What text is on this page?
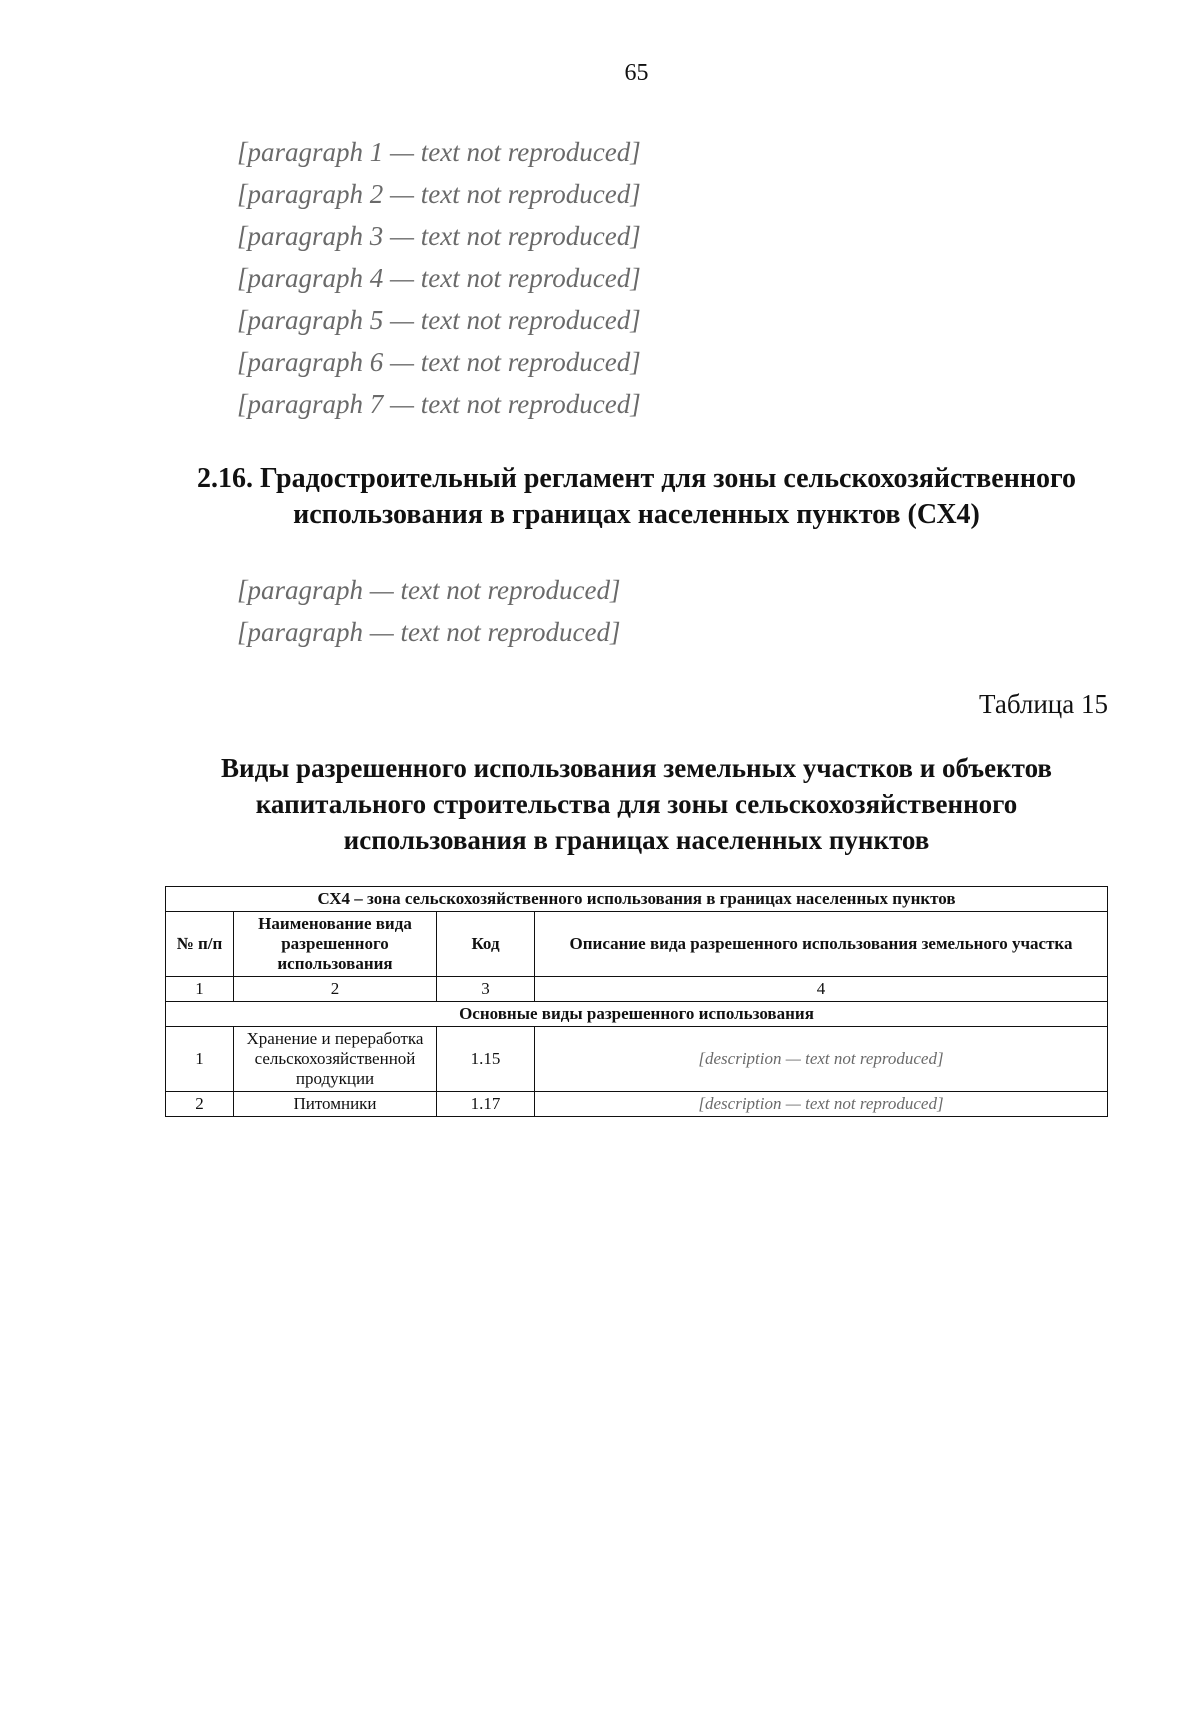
65

[paragraph 1 — text not reproduced]

[paragraph 2 — text not reproduced]

[paragraph 3 — text not reproduced]

[paragraph 4 — text not reproduced]

[paragraph 5 — text not reproduced]

[paragraph 6 — text not reproduced]

[paragraph 7 — text not reproduced]

2.16. Градостроительный регламент для зоны сельскохозяйственного использования в границах населенных пунктов (СХ4)

[paragraph — text not reproduced]

[paragraph — text not reproduced]

Таблица 15
Виды разрешенного использования земельных участков и объектов капитального строительства для зоны сельскохозяйственного использования в границах населенных пунктов
СХ4 – зона сельскохозяйственного использования в границах населенных пунктов			
№ п/п	Наименование вида разрешенного использования	Код	Описание вида разрешенного использования земельного участка
1	2	3	4
Основные виды разрешенного использования			
1	Хранение и переработка сельскохозяйственной продукции	1.15	[description — text not reproduced]
2	Питомники	1.17	[description — text not reproduced]
